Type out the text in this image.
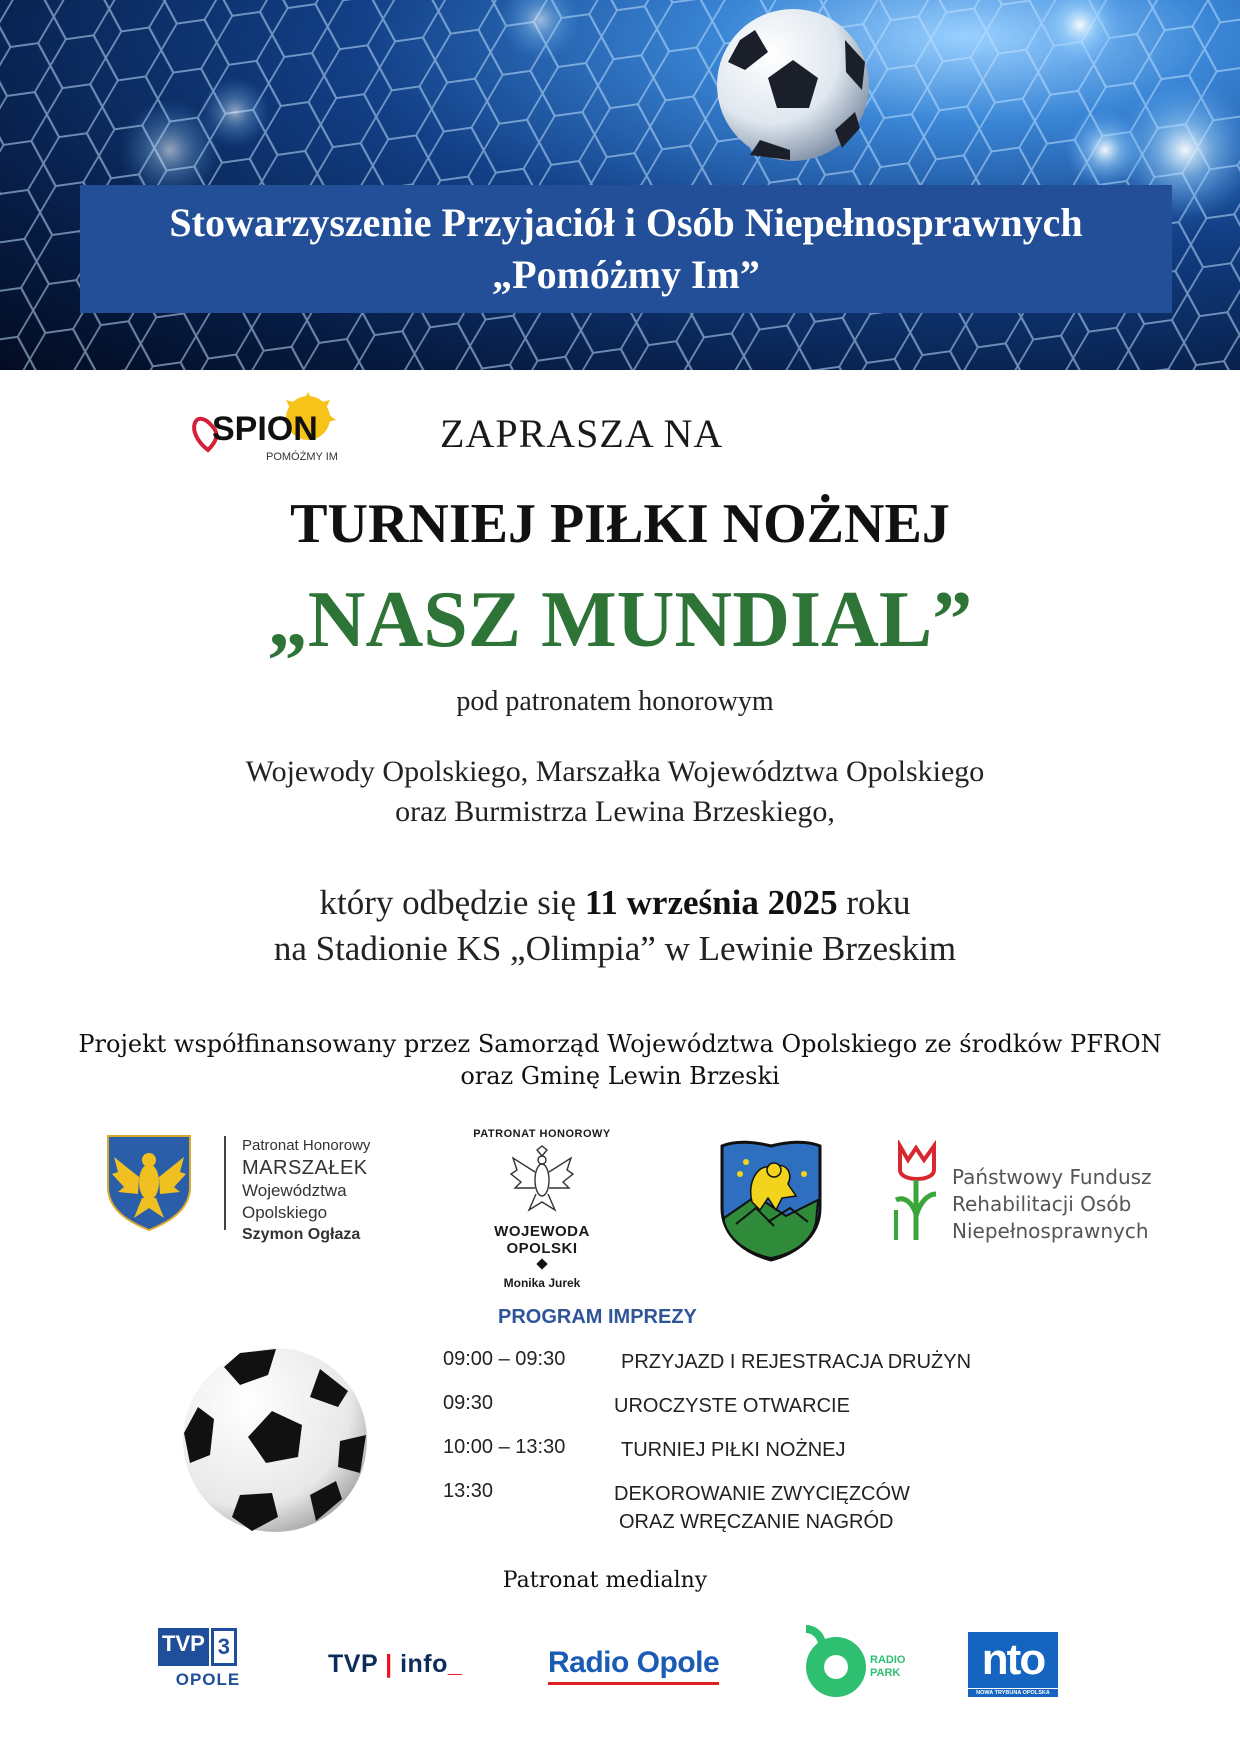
Stowarzyszenie Przyjaciół i Osób Niepełnosprawnych
„Pomóżmy Im”
SPION
POMÓŻMY IM
ZAPRASZA NA
TURNIEJ PIŁKI NOŻNEJ
„NASZ MUNDIAL”
pod patronatem honorowym
Wojewody Opolskiego, Marszałka Województwa Opolskiego
oraz Burmistrza Lewina Brzeskiego,
który odbędzie się 11 września 2025 roku
na Stadionie KS „Olimpia” w Lewinie Brzeskim
Projekt współfinansowany przez Samorząd Województwa Opolskiego ze środków PFRON
oraz Gminę Lewin Brzeski
Patronat Honorowy
MARSZAŁEK
Województwa Opolskiego
Szymon Ogłaza
PATRONAT HONOROWY
WOJEWODA OPOLSKI
Monika Jurek
Państwowy Fundusz
Rehabilitacji Osób
Niepełnosprawnych
PROGRAM IMPREZY
09:00 – 09:30	PRZYJAZD I REJESTRACJA DRUŻYN
09:30	UROCZYSTE OTWARCIE
10:00 – 13:30	TURNIEJ PIŁKI NOŻNEJ
13:30	DEKOROWANIE ZWYCIĘZCÓW
ORAZ WRĘCZANIE NAGRÓD
Patronat medialny
TVP 3
OPOLE
TVP | info_	Radio Opole	RADIO PARK	nto
NOWA TRYBUNA OPOLSKA
